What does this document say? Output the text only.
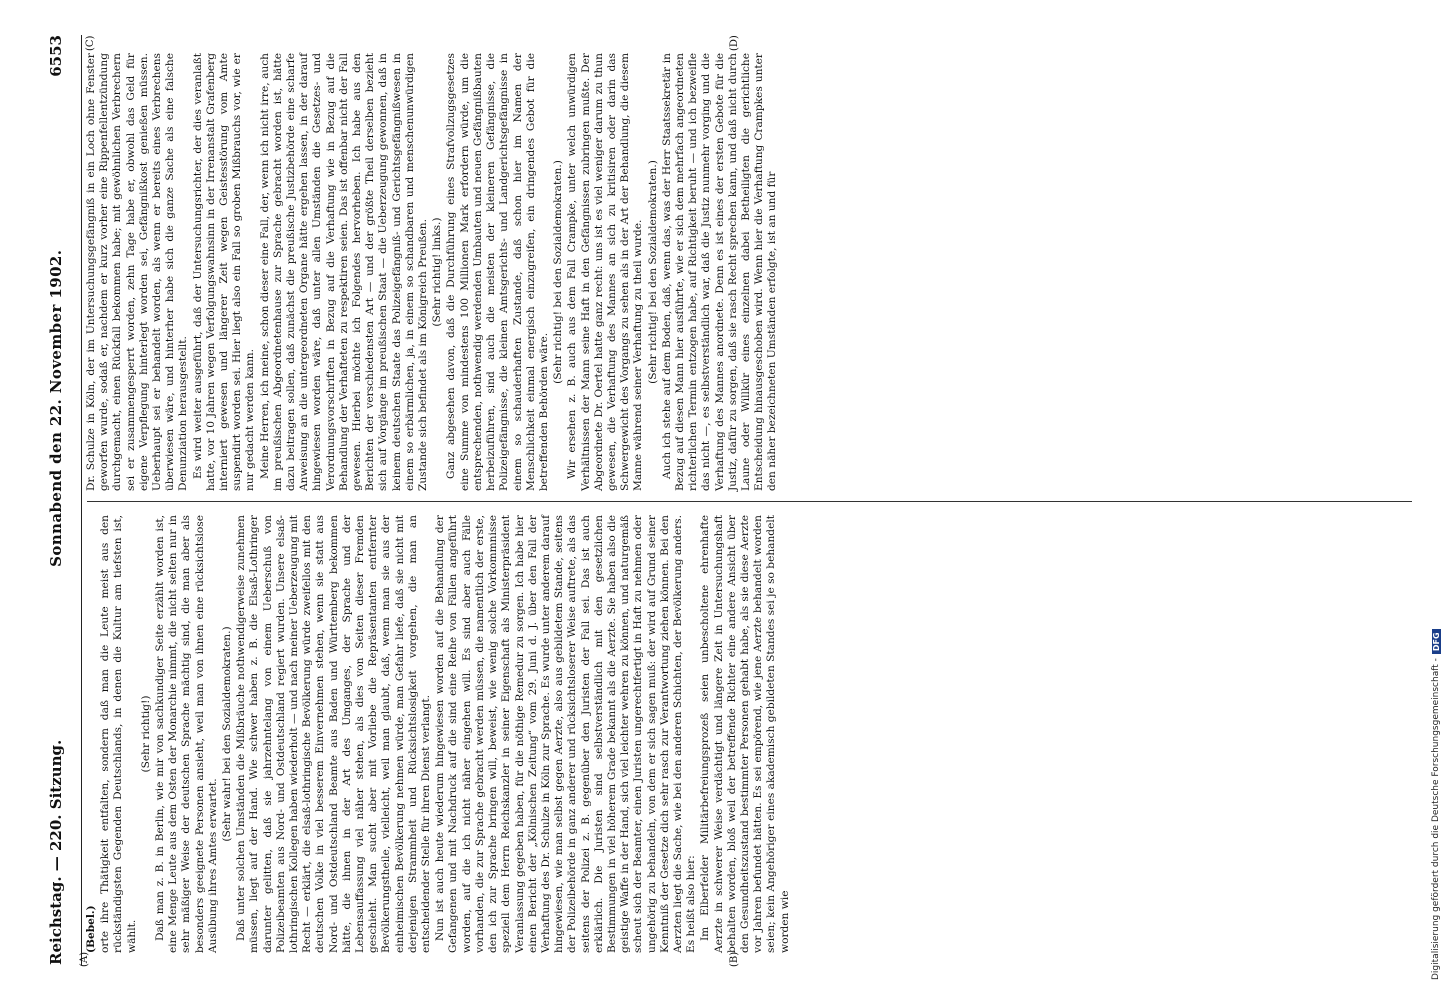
Reichstag. — 220. Sitzung.
Sonnabend den 22. November 1902.
6553
(A)	(B)
(C)	(D)

(Bebel.) orte ihre Thätigkeit entfalten, sondern daß man die Leute meist aus den rückständigsten Gegenden Deutschlands, in denen die Kultur am tiefsten ist, wählt.

(Sehr richtig!) Daß man z. B. in Berlin, wie mir von sachkundiger Seite erzählt worden ist, eine Menge Leute aus dem Osten der Monarchie nimmt, die nicht selten nur in sehr mäßiger Weise der deutschen Sprache mächtig sind, die man aber als besonders geeignete Personen ansieht, weil man von ihnen eine rücksichtslose Ausübung ihres Amtes erwartet.

(Sehr wahr! bei den Sozialdemokraten.) Daß unter solchen Umständen die Mißbräuche nothwendigerweise zunehmen müssen, liegt auf der Hand. Wie schwer haben z. B. die Elsaß-Lothringer darunter gelitten, daß sie jahrzehntelang von einem Ueberschuß von Polizeibeamten aus Nord- und Ostdeutschland regiert wurden. Unsere elsaß-lothringischen Kollegen haben wiederholt — und nach meiner Ueberzeugung mit Recht — erklärt, die elsaß-lothringische Bevölkerung würde zweifellos mit den deutschen Volke in viel besserem Einvernehmen stehen, wenn sie statt aus Nord- und Ostdeutschland Beamte aus Baden und Württemberg bekommen hätte, die ihnen in der Art des Umganges, der Sprache und der Lebensauffassung viel näher stehen, als dies von Seiten dieser Fremden geschieht. Man sucht aber mit Vorliebe die Repräsentanten entfernter Bevölkerungstheile, vielleicht, weil man glaubt, daß, wenn man sie aus der einheimischen Bevölkerung nehmen würde, man Gefahr liefe, daß sie nicht mit derjenigen Strammheit und Rücksichtslosigkeit vorgehen, die man an entscheidender Stelle für ihren Dienst verlangt. Nun ist auch heute wiederum hingewiesen worden auf die Behandlung der Gefangenen und mit Nachdruck auf die sind eine Reihe von Fällen angeführt worden, auf die ich nicht näher eingehen will. Es sind aber auch Fälle vorhanden, die zur Sprache gebracht werden müssen, die namentlich der erste, den ich zur Sprache bringen will, beweist, wie wenig solche Vorkommnisse speziell dem Herrn Reichskanzler in seiner Eigenschaft als Ministerpräsident Veranlassung gegeben haben, für die nöthige Remedur zu sorgen. Ich habe hier einen Bericht der „Kölnischen Zeitung“ vom 29. Juni d. J. über den Fall der Verhaftung des Dr. Schulze in Köln zur Sprache. Es wurde unter anderem darauf hingewiesen, wie man selbst gegen Aerzte, also aus gebildetem Stande, seitens der Polizeibehörde in ganz anderer und rücksichtsloserer Weise auftrete, als das seitens der Polizei z. B. gegenüber den Juristen der Fall sei. Das ist auch erklärlich. Die Juristen sind selbstverständlich mit den gesetzlichen Bestimmungen in viel höherem Grade bekannt als die Aerzte. Sie haben also die geistige Waffe in der Hand, sich viel leichter wehren zu können, und naturgemäß scheut sich der Beamter, einen Juristen ungerechtfertigt in Haft zu nehmen oder ungehörig zu behandeln, von dem er sich sagen muß: der wird auf Grund seiner Kenntniß der Gesetze dich sehr rasch zur Verantwortung ziehen können. Bei den Aerzten liegt die Sache, wie bei den anderen Schichten, der Bevölkerung anders. Es heißt also hier: Im Elberfelder Militärbefreiungsprozeß seien unbescholtene ehrenhafte Aerzte in schwerer Weise verdächtigt und längere Zeit in Untersuchungshaft behalten worden, bloß weil der betreffende Richter eine andere Ansicht über den Gesundheitszustand bestimmter Personen gehabt habe, als sie diese Aerzte vor Jahren befundet hätten. Es sei empörend, wie jene Aerzte behandelt worden seien; kein Angehöriger eines akademisch gebildeten Standes sei je so behandelt worden wie

Dr. Schulze in Köln, der im Untersuchungsgefängniß in ein Loch ohne Fenster geworfen wurde, sodaß er, nachdem er kurz vorher eine Rippenfellentzündung durchgemacht, einen Rückfall bekommen habe; mit gewöhnlichen Verbrechern sei er zusammengesperrt worden, zehn Tage habe er, obwohl das Geld für eigene Verpflegung hinterlegt worden sei, Gefängnißkost genießen müssen. Ueberhaupt sei er behandelt worden, als wenn er bereits eines Verbrechens überwiesen wäre, und hinterher habe sich die ganze Sache als eine falsche Denunziation herausgestellt. Es wird weiter ausgeführt, daß der Untersuchungsrichter, der dies veranlaßt hatte, vor 10 Jahren wegen Verfolgungswahnsinn in der Irrenanstalt Grafenberg interniert gewesen und längerer Zeit wegen Geistesstörung vom Amte suspendirt worden sei. Hier liegt also ein Fall so groben Mißbrauchs vor, wie er nur gedacht werden kann. Meine Herren, ich meine, schon dieser eine Fall, der, wenn ich nicht irre, auch im preußischen Abgeordnetenhause zur Sprache gebracht worden ist, hätte dazu beitragen sollen, daß zunächst die preußische Justizbehörde eine scharfe Anweisung an die untergeordneten Organe hätte ergehen lassen, in der darauf hingewiesen worden wäre, daß unter allen Umständen die Gesetzes- und Verordnungsvorschriften in Bezug auf die Verhaftung wie in Bezug auf die Behandlung der Verhafteten zu respektiren seien. Das ist offenbar nicht der Fall gewesen. Hierbei möchte ich Folgendes hervorheben. Ich habe aus den Berichten der verschiedensten Art — und der größte Theil derselben bezieht sich auf Vorgänge im preußischen Staat — die Ueberzeugung gewonnen, daß in keinem deutschen Staate das Polizeigefängniß- und Gerichtsgefängnißwesen in einem so erbärmlichen, ja, in einem so schandbaren und menschenunwürdigen Zustande sich befindet als im Königreich Preußen. (Sehr richtig! links.) Ganz abgesehen davon, daß die Durchführung eines Strafvollzugsgesetzes eine Summe von mindestens 100 Millionen Mark erfordern würde, um die entsprechenden, nothwendig werdenden Umbauten und neuen Gefängnißbauten herbeizuführen, sind auch die meisten der kleineren Gefängnisse, die Polizeigefängnisse, die kleinen Amtsgerichts- und Landgerichtsgefängnisse in einem so schauderhaften Zustande, daß schon hier im Namen der Menschlichkeit einmal energisch einzugreifen, ein dringendes Gebot für die betreffenden Behörden wäre.

(Sehr richtig! bei den Sozialdemokraten.) Wir ersehen z. B. auch aus dem Fall Crampke, unter welch unwürdigen Verhältnissen der Mann seine Haft in den Gefängnissen zubringen mußte. Der Abgeordnete Dr. Oertel hatte ganz recht: uns ist es viel weniger darum zu thun gewesen, die Verhaftung des Mannes an sich zu kritisiren oder darin das Schwergewicht des Vorgangs zu sehen als in der Art der Behandlung, die diesem Manne während seiner Verhaftung zu theil wurde. (Sehr richtig! bei den Sozialdemokraten.) Auch ich stehe auf dem Boden, daß, wenn das, was der Herr Staatssekretär in Bezug auf diesen Mann hier ausführte, wie er sich dem mehrfach angeordneten richterlichen Termin entzogen habe, auf Richtigkeit beruht — und ich bezweifle das nicht —, es selbstverständlich war, daß die Justiz nunmehr vorging und die Verhaftung des Mannes anordnete. Denn es ist eines der ersten Gebote für die Justiz, dafür zu sorgen, daß sie rasch Recht sprechen kann, und daß nicht durch Laune oder Willkür eines einzelnen dabei Betheiligten die gerichtliche Entscheidung hinausgeschoben wird. Wenn hier die Verhaftung Crampkes unter den näher bezeichneten Umständen erfolgte, ist an und für

Digitalisierung gefördert durch die Deutsche Forschungsgemeinschaft -
DFG
